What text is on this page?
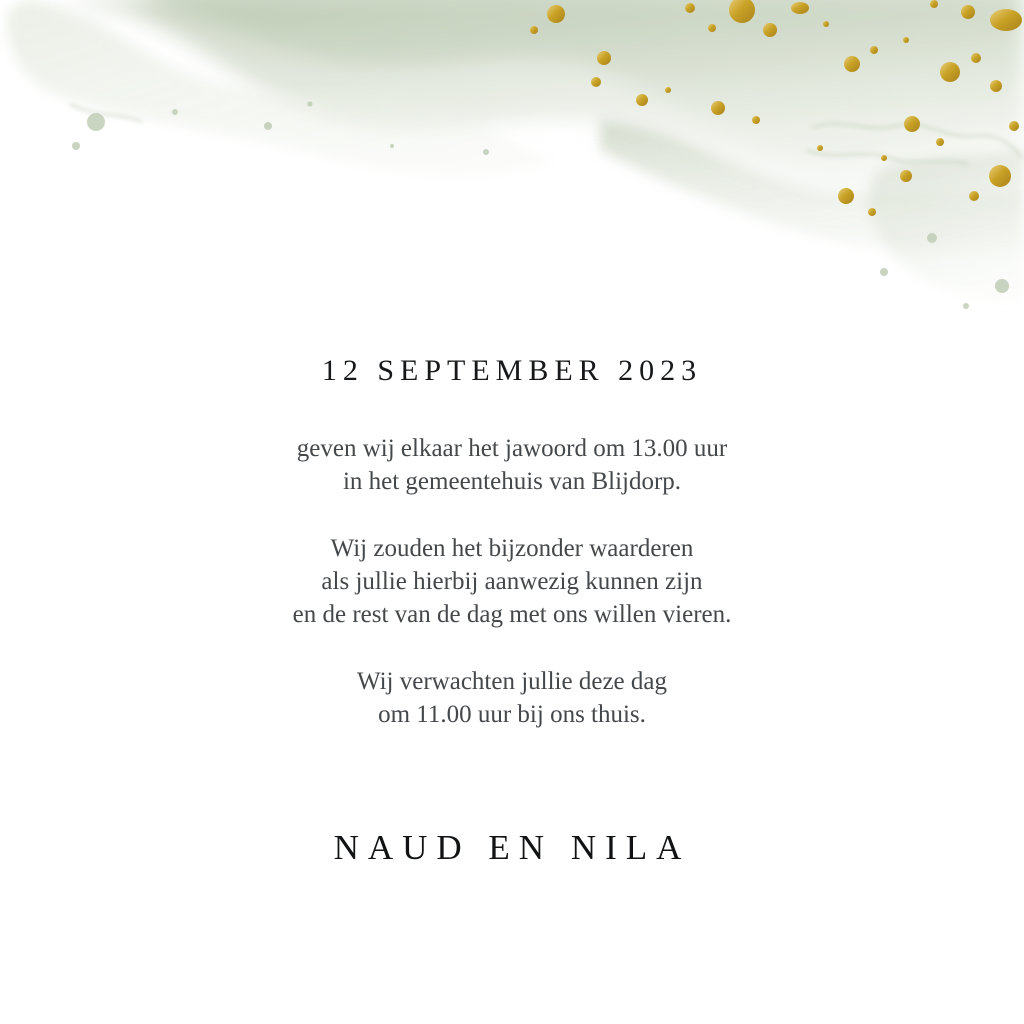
12 SEPTEMBER 2023

geven wij elkaar het jawoord om 13.00 uur
in het gemeentehuis van Blijdorp.

Wij zouden het bijzonder waarderen
als jullie hierbij aanwezig kunnen zijn
en de rest van de dag met ons willen vieren.

Wij verwachten jullie deze dag
om 11.00 uur bij ons thuis.

NAUD EN NILA
